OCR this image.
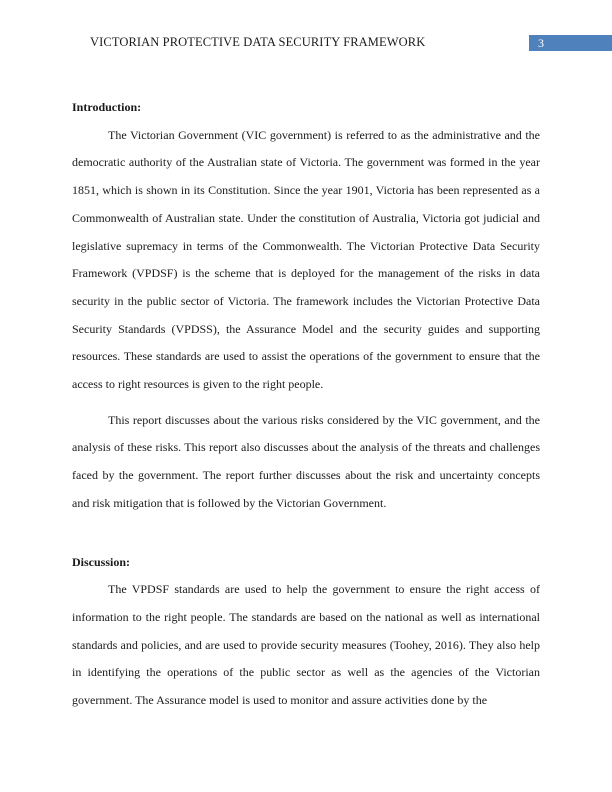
VICTORIAN PROTECTIVE DATA SECURITY FRAMEWORK	3

Introduction:

The Victorian Government (VIC government) is referred to as the administrative and the democratic authority of the Australian state of Victoria. The government was formed in the year 1851, which is shown in its Constitution. Since the year 1901, Victoria has been represented as a Commonwealth of Australian state. Under the constitution of Australia, Victoria got judicial and legislative supremacy in terms of the Commonwealth. The Victorian Protective Data Security Framework (VPDSF) is the scheme that is deployed for the management of the risks in data security in the public sector of Victoria. The framework includes the Victorian Protective Data Security Standards (VPDSS), the Assurance Model and the security guides and supporting resources. These standards are used to assist the operations of the government to ensure that the access to right resources is given to the right people.

This report discusses about the various risks considered by the VIC government, and the analysis of these risks. This report also discusses about the analysis of the threats and challenges faced by the government. The report further discusses about the risk and uncertainty concepts and risk mitigation that is followed by the Victorian Government.

Discussion:

The VPDSF standards are used to help the government to ensure the right access of information to the right people. The standards are based on the national as well as international standards and policies, and are used to provide security measures (Toohey, 2016). They also help in identifying the operations of the public sector as well as the agencies of the Victorian government. The Assurance model is used to monitor and assure activities done by the
